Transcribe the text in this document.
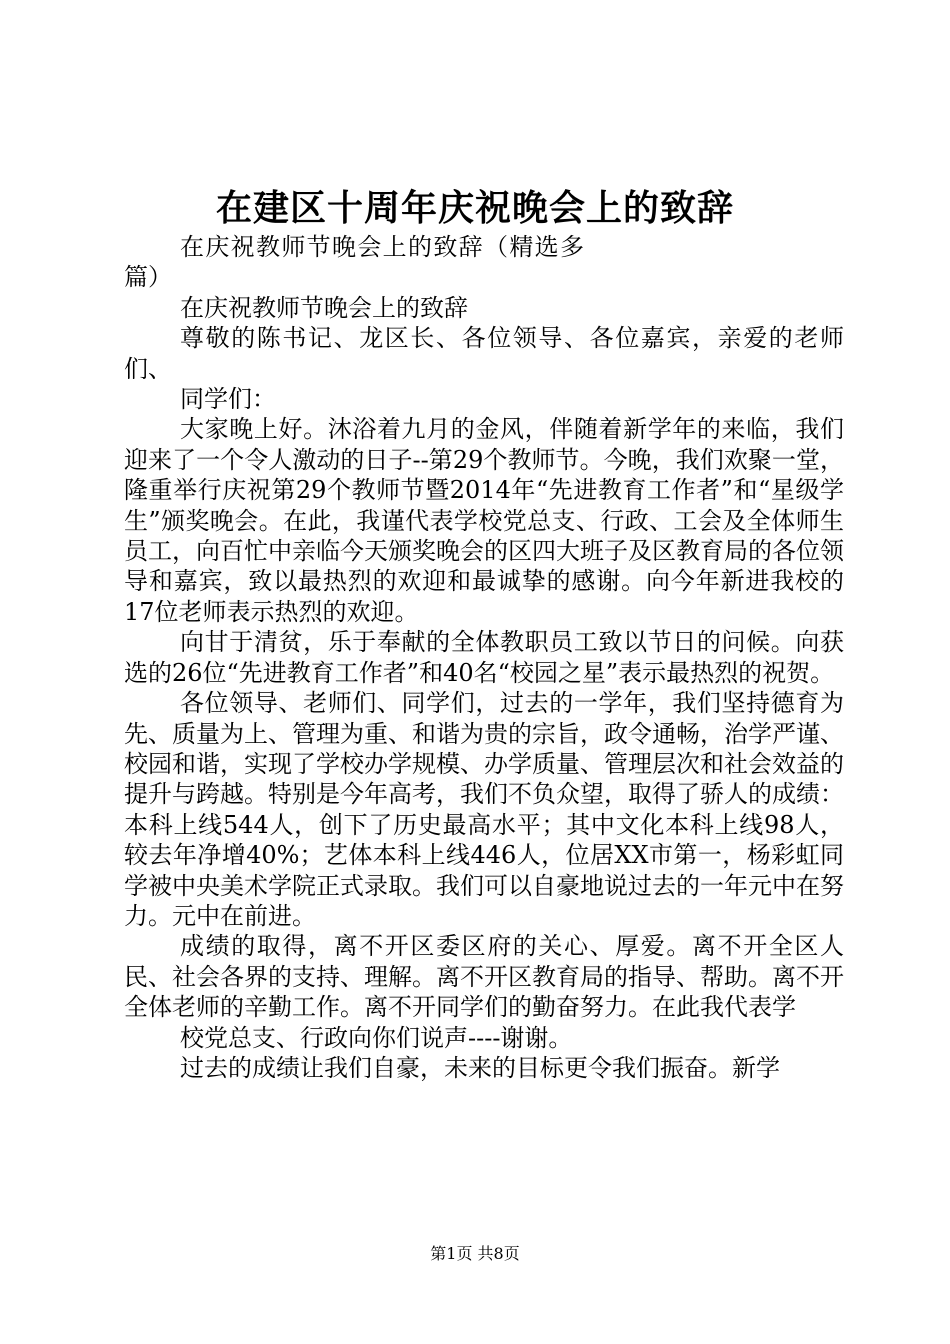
在建区十周年庆祝晚会上的致辞

在庆祝教师节晚会上的致辞（精选多篇）

在庆祝教师节晚会上的致辞

尊敬的陈书记、龙区长、各位领导、各位嘉宾，亲爱的老师们、

同学们：

大家晚上好。沐浴着九月的金风，伴随着新学年的来临，我们迎来了一个令人激动的日子--第29个教师节。今晚，我们欢聚一堂，隆重举行庆祝第29个教师节暨2014年“先进教育工作者”和“星级学生”颁奖晚会。在此，我谨代表学校党总支、行政、工会及全体师生员工，向百忙中亲临今天颁奖晚会的区四大班子及区教育局的各位领导和嘉宾，致以最热烈的欢迎和最诚挚的感谢。向今年新进我校的17位老师表示热烈的欢迎。

向甘于清贫，乐于奉献的全体教职员工致以节日的问候。向获选的26位“先进教育工作者”和40名“校园之星”表示最热烈的祝贺。

各位领导、老师们、同学们，过去的一学年，我们坚持德育为先、质量为上、管理为重、和谐为贵的宗旨，政令通畅，治学严谨、校园和谐，实现了学校办学规模、办学质量、管理层次和社会效益的提升与跨越。特别是今年高考，我们不负众望，取得了骄人的成绩：本科上线544人，创下了历史最高水平；其中文化本科上线98人，较去年净增40%；艺体本科上线446人，位居XX市第一，杨彩虹同学被中央美术学院正式录取。我们可以自豪地说过去的一年元中在努力。元中在前进。

成绩的取得，离不开区委区府的关心、厚爱。离不开全区人民、社会各界的支持、理解。离不开区教育局的指导、帮助。离不开全体老师的辛勤工作。离不开同学们的勤奋努力。在此我代表学

校党总支、行政向你们说声----谢谢。

过去的成绩让我们自豪，未来的目标更令我们振奋。新学

第1页 共8页
